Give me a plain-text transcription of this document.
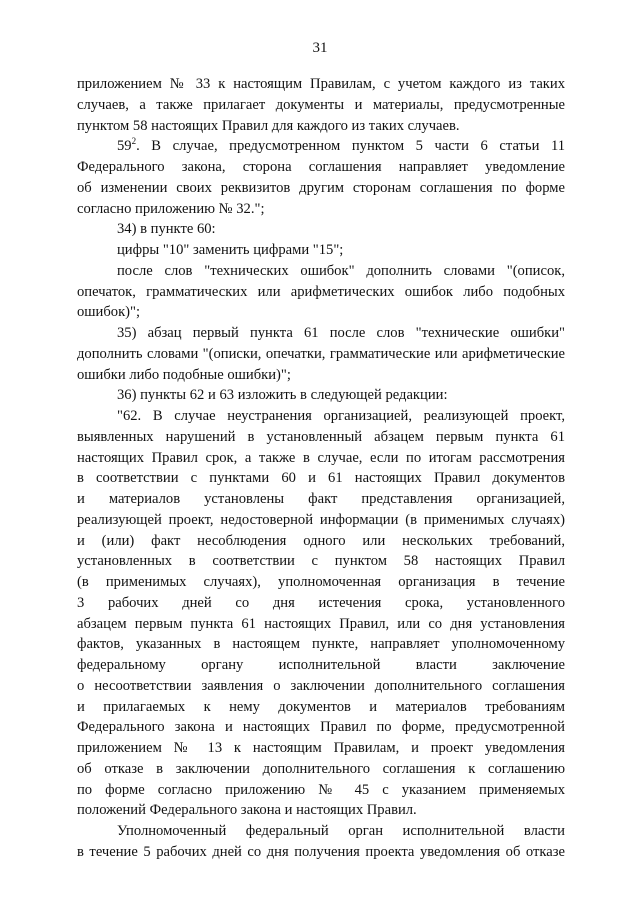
31
приложением № 33 к настоящим Правилам, с учетом каждого из таких
случаев, а также прилагает документы и материалы, предусмотренные
пунктом 58 настоящих Правил для каждого из таких случаев.
$59^2$. В случае, предусмотренном пунктом 5 части 6 статьи 11
Федерального закона, сторона соглашения направляет уведомление
об изменении своих реквизитов другим сторонам соглашения по форме
согласно приложению № 32.";
34) в пункте 60:
цифры "10" заменить цифрами "15";
после слов "технических ошибок" дополнить словами "(описок,
опечаток, грамматических или арифметических ошибок либо подобных
ошибок)";
35) абзац первый пункта 61 после слов "технические ошибки"
дополнить словами "(описки, опечатки, грамматические или арифметические
ошибки либо подобные ошибки)";
36) пункты 62 и 63 изложить в следующей редакции:
"62. В случае неустранения организацией, реализующей проект,
выявленных нарушений в установленный абзацем первым пункта 61
настоящих Правил срок, а также в случае, если по итогам рассмотрения
в соответствии с пунктами 60 и 61 настоящих Правил документов
и материалов установлены факт представления организацией,
реализующей проект, недостоверной информации (в применимых случаях)
и (или) факт несоблюдения одного или нескольких требований,
установленных в соответствии с пунктом 58 настоящих Правил
(в применимых случаях), уполномоченная организация в течение
3 рабочих дней со дня истечения срока, установленного
абзацем первым пункта 61 настоящих Правил, или со дня установления
фактов, указанных в настоящем пункте, направляет уполномоченному
федеральному органу исполнительной власти заключение
о несоответствии заявления о заключении дополнительного соглашения
и прилагаемых к нему документов и материалов требованиям
Федерального закона и настоящих Правил по форме, предусмотренной
приложением № 13 к настоящим Правилам, и проект уведомления
об отказе в заключении дополнительного соглашения к соглашению
по форме согласно приложению № 45 с указанием применяемых
положений Федерального закона и настоящих Правил.
Уполномоченный федеральный орган исполнительной власти
в течение 5 рабочих дней со дня получения проекта уведомления об отказе
